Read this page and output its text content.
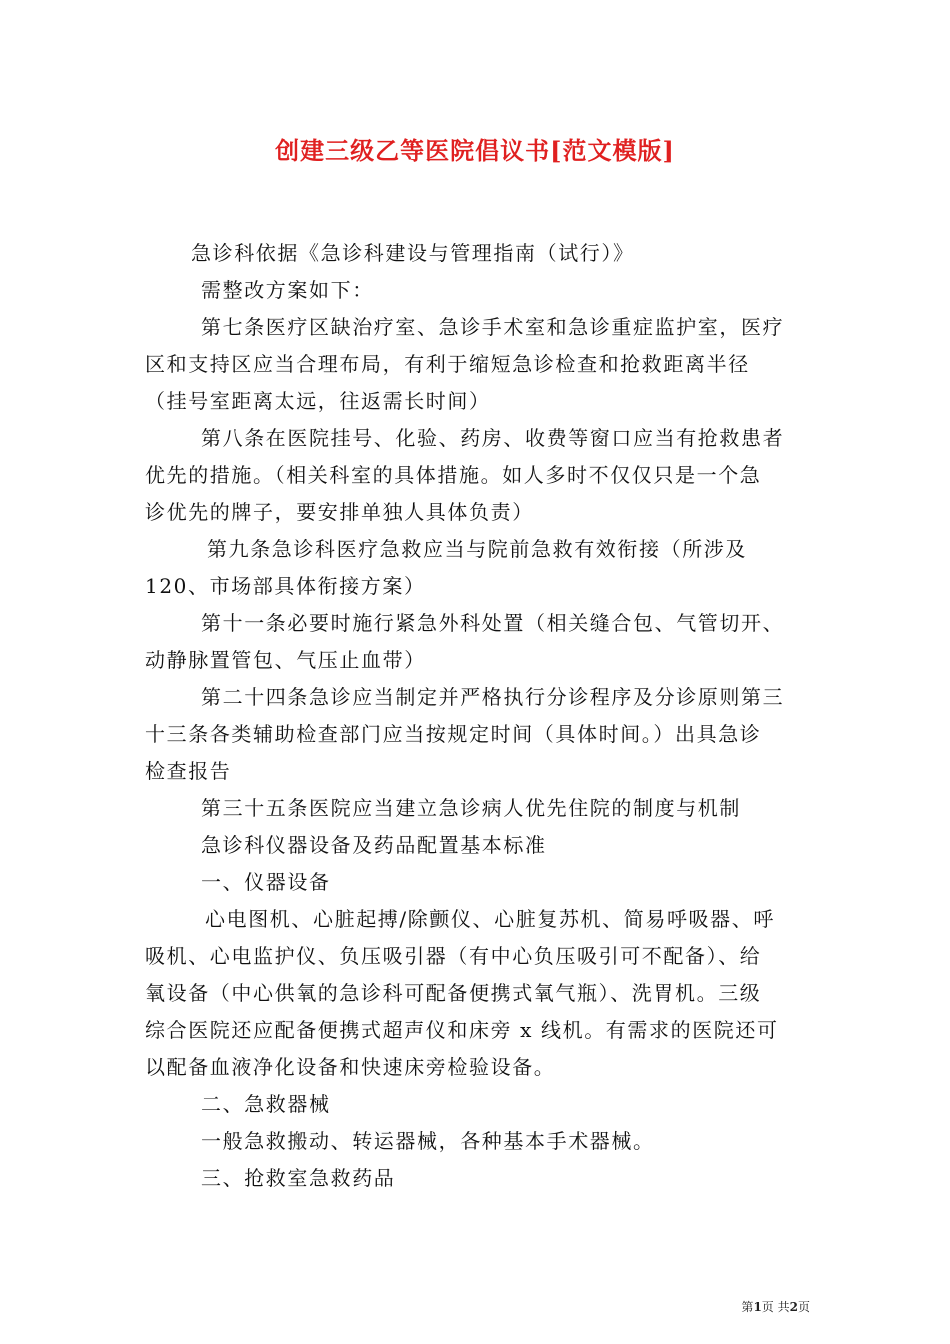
创建三级乙等医院倡议书[范文模版]
急诊科依据《急诊科建设与管理指南（试行）》
需整改方案如下：
第七条医疗区缺治疗室、急诊手术室和急诊重症监护室，医疗
区和支持区应当合理布局，有利于缩短急诊检查和抢救距离半径
（挂号室距离太远，往返需长时间）
第八条在医院挂号、化验、药房、收费等窗口应当有抢救患者
优先的措施。（相关科室的具体措施。如人多时不仅仅只是一个急
诊优先的牌子，要安排单独人具体负责）
第九条急诊科医疗急救应当与院前急救有效衔接（所涉及
120、市场部具体衔接方案）
第十一条必要时施行紧急外科处置（相关缝合包、气管切开、
动静脉置管包、气压止血带）
第二十四条急诊应当制定并严格执行分诊程序及分诊原则第三
十三条各类辅助检查部门应当按规定时间（具体时间。）出具急诊
检查报告
第三十五条医院应当建立急诊病人优先住院的制度与机制
急诊科仪器设备及药品配置基本标准
一、仪器设备
心电图机、心脏起搏/除颤仪、心脏复苏机、简易呼吸器、呼
吸机、心电监护仪、负压吸引器（有中心负压吸引可不配备）、给
氧设备（中心供氧的急诊科可配备便携式氧气瓶）、洗胃机。三级
综合医院还应配备便携式超声仪和床旁 x 线机。有需求的医院还可
以配备血液净化设备和快速床旁检验设备。
二、急救器械
一般急救搬动、转运器械，各种基本手术器械。
三、抢救室急救药品
第1页 共2页
